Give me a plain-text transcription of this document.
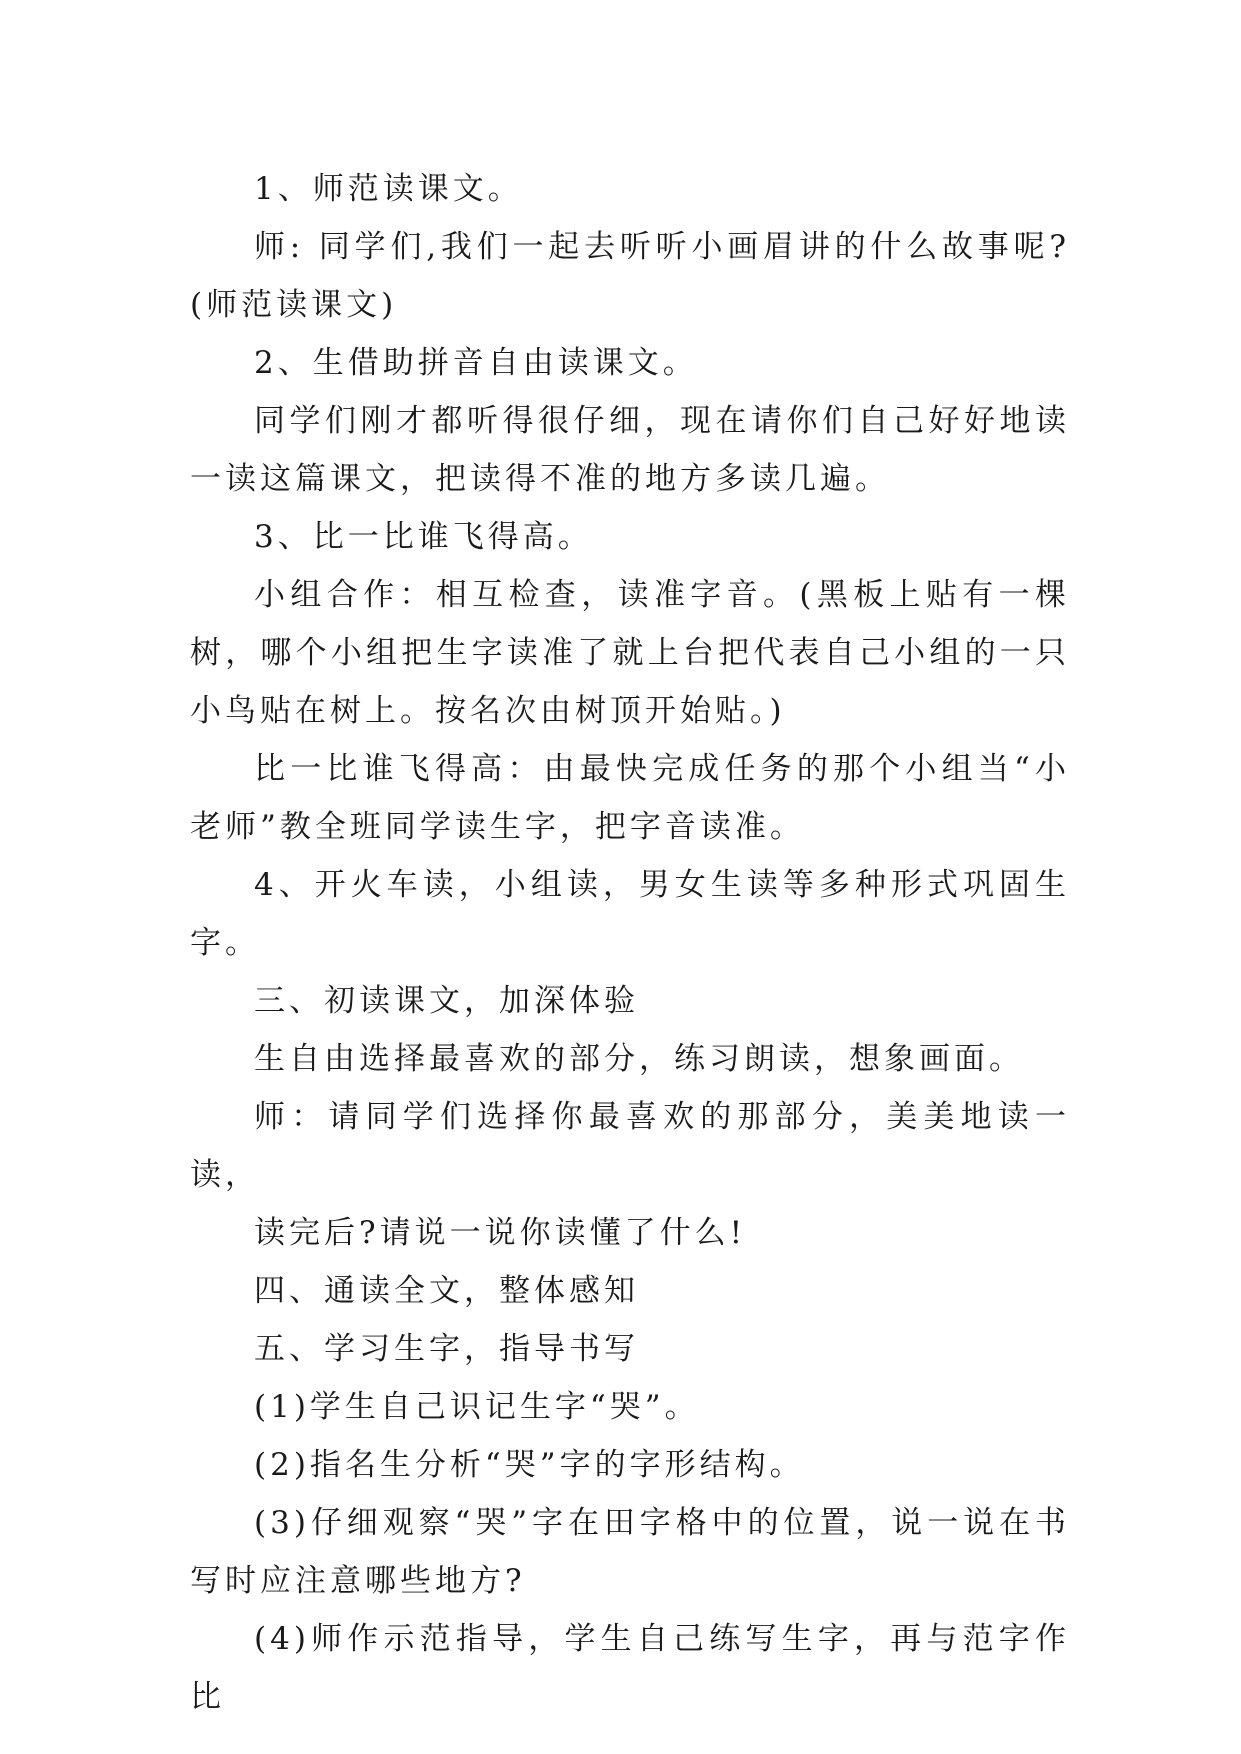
1、师范读课文。

师: 同学们,我们一起去听听小画眉讲的什么故事呢?(师范读课文)

2、生借助拼音自由读课文。

同学们刚才都听得很仔细，现在请你们自己好好地读一读这篇课文，把读得不准的地方多读几遍。

3、比一比谁飞得高。

小组合作：相互检查，读准字音。(黑板上贴有一棵树，哪个小组把生字读准了就上台把代表自己小组的一只小鸟贴在树上。按名次由树顶开始贴。)

比一比谁飞得高：由最快完成任务的那个小组当“小老师”教全班同学读生字，把字音读准。

4、开火车读，小组读，男女生读等多种形式巩固生字。

三、初读课文，加深体验

生自由选择最喜欢的部分，练习朗读，想象画面。

师：请同学们选择你最喜欢的那部分，美美地读一读，

读完后?请说一说你读懂了什么!

四、通读全文，整体感知

五、学习生字，指导书写

(1)学生自己识记生字“哭”。

(2)指名生分析“哭”字的字形结构。

(3)仔细观察“哭”字在田字格中的位置，说一说在书写时应注意哪些地方?

(4)师作示范指导，学生自己练写生字，再与范字作比
